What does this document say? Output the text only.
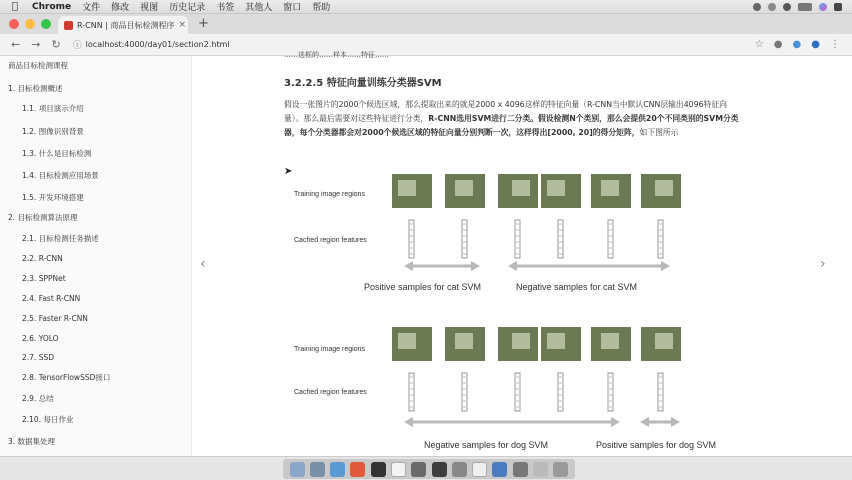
Chrome 文件 修改 视图 历史记录 书签 其他人 窗口 帮助
R-CNN | 商品目标检测程序 × +
← → ↻ ⓘ localhost:4000/day01/section2.html	☆ ● ● ● ⋮
商品目标检测课程
1. 目标检测概述
1.1. 项目演示介绍
1.2. 图像识别背景
1.3. 什么是目标检测
1.4. 目标检测应用场景
1.5. 开发环境搭建
2. 目标检测算法原理
2.1. 目标检测任务描述
2.2. R-CNN
2.3. SPPNet
2.4. Fast R-CNN
2.5. Faster R-CNN
2.6. YOLO
2.7. SSD
2.8. TensorFlowSSD接口
2.9. 总结
2.10. 每日作业
3. 数据集处理
……选框的……样本……特征……
3.2.2.5 特征向量训练分类器SVM
假设一张图片的2000个候选区域，那么提取出来的就是2000 x 4096这样的特征向量（R-CNN当中默认CNN层输出4096特征向量）。那么最后需要对这些特征进行分类，R-CNN选用SVM进行二分类。假设检测N个类别，那么会提供20个不同类别的SVM分类器，每个分类器都会对2000个候选区域的特征向量分别判断一次，这样得出[2000, 20]的得分矩阵，如下图所示
➤
Training image regions
Cached region features
Positive samples for cat SVM	Negative samples for cat SVM
Training image regions
Cached region features
Negative samples for dog SVM	Positive samples for dog SVM
‹	›
